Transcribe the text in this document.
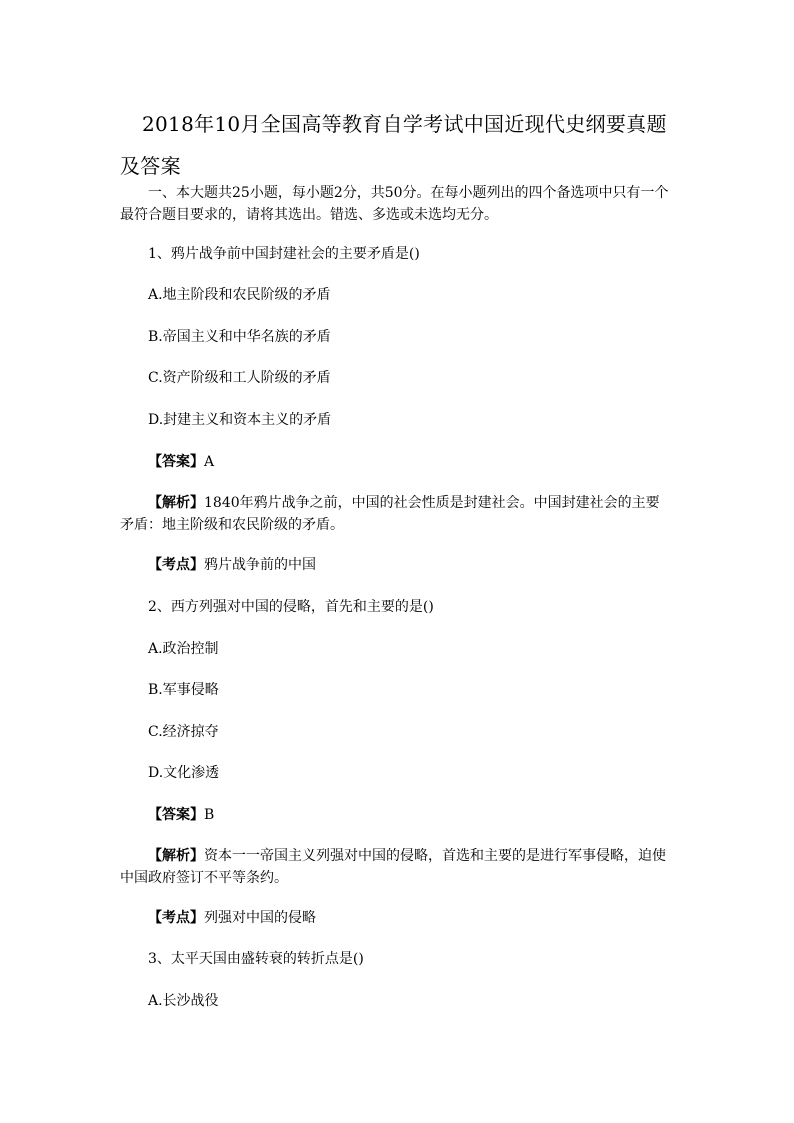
2018年10月全国高等教育自学考试中国近现代史纲要真题及答案
一、本大题共25小题，每小题2分，共50分。在每小题列出的四个备选项中只有一个最符合题目要求的，请将其选出。错选、多选或未选均无分。
1、鸦片战争前中国封建社会的主要矛盾是()
A.地主阶段和农民阶级的矛盾
B.帝国主义和中华名族的矛盾
C.资产阶级和工人阶级的矛盾
D.封建主义和资本主义的矛盾
【答案】A
【解析】1840年鸦片战争之前，中国的社会性质是封建社会。中国封建社会的主要矛盾：地主阶级和农民阶级的矛盾。
【考点】鸦片战争前的中国
2、西方列强对中国的侵略，首先和主要的是()
A.政治控制
B.军事侵略
C.经济掠夺
D.文化渗透
【答案】B
【解析】资本一一帝国主义列强对中国的侵略，首选和主要的是进行军事侵略，迫使中国政府签订不平等条约。
【考点】列强对中国的侵略
3、太平天国由盛转衰的转折点是()
A.长沙战役
